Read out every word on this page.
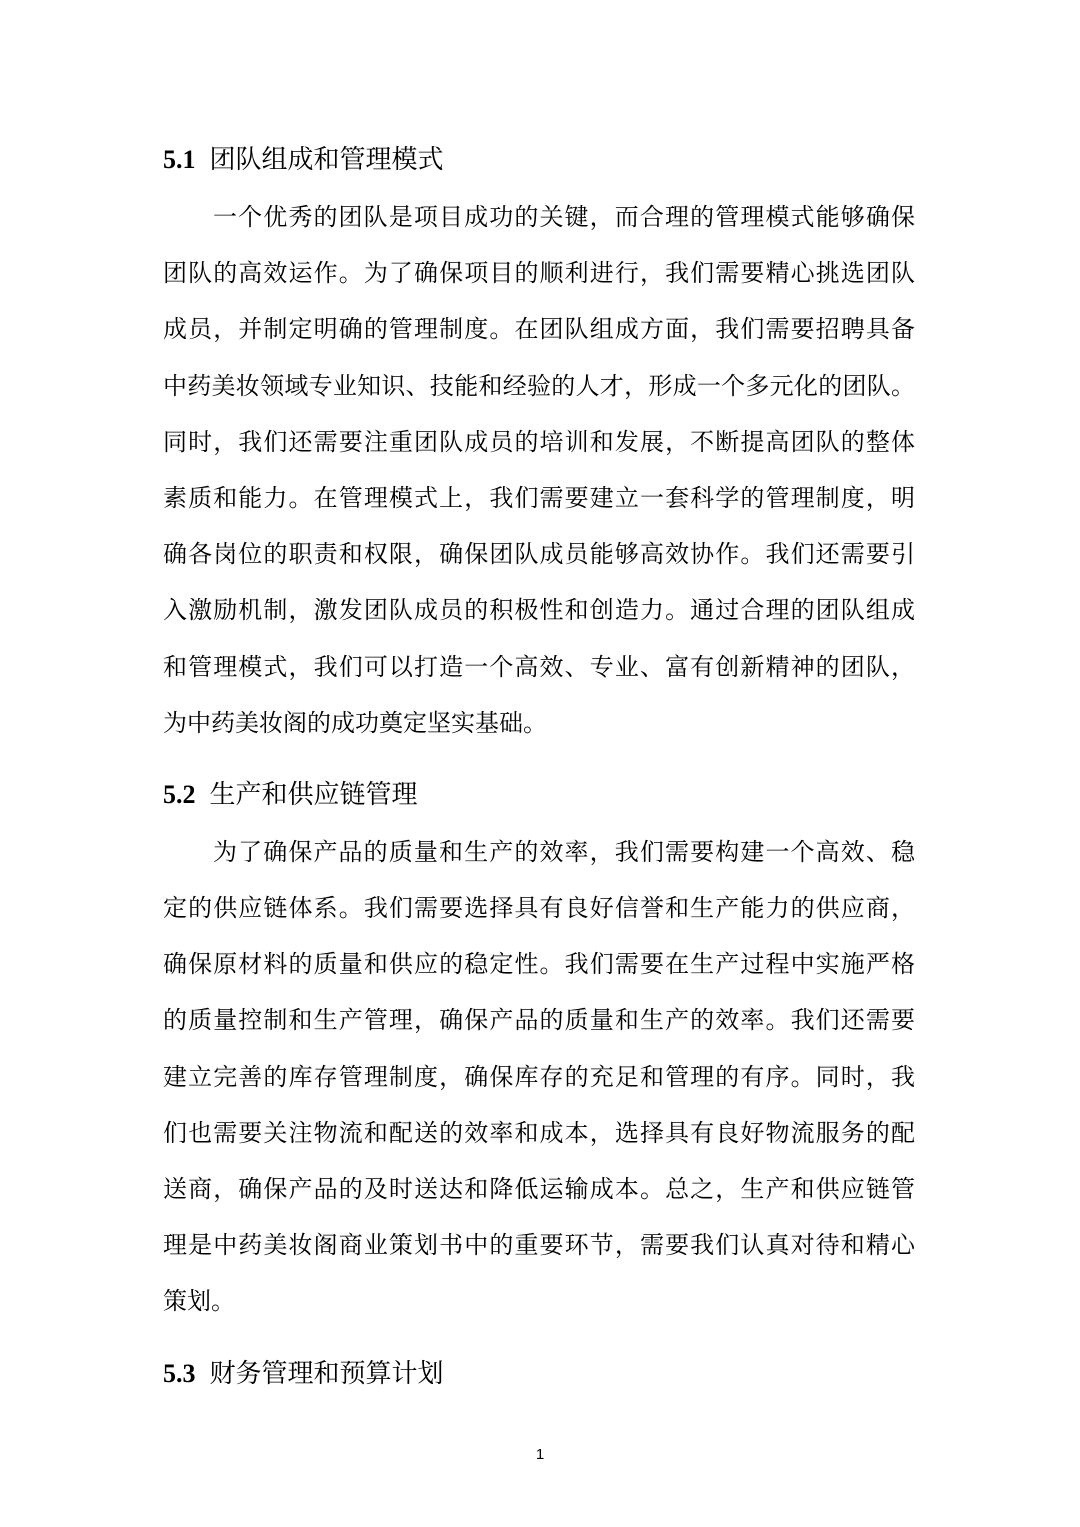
5.1 团队组成和管理模式
一个优秀的团队是项目成功的关键，而合理的管理模式能够确保
团队的高效运作。为了确保项目的顺利进行，我们需要精心挑选团队
成员，并制定明确的管理制度。在团队组成方面，我们需要招聘具备
中药美妆领域专业知识、技能和经验的人才，形成一个多元化的团队。
同时，我们还需要注重团队成员的培训和发展，不断提高团队的整体
素质和能力。在管理模式上，我们需要建立一套科学的管理制度，明
确各岗位的职责和权限，确保团队成员能够高效协作。我们还需要引
入激励机制，激发团队成员的积极性和创造力。通过合理的团队组成
和管理模式，我们可以打造一个高效、专业、富有创新精神的团队，
为中药美妆阁的成功奠定坚实基础。
5.2 生产和供应链管理
为了确保产品的质量和生产的效率，我们需要构建一个高效、稳
定的供应链体系。我们需要选择具有良好信誉和生产能力的供应商，
确保原材料的质量和供应的稳定性。我们需要在生产过程中实施严格
的质量控制和生产管理，确保产品的质量和生产的效率。我们还需要
建立完善的库存管理制度，确保库存的充足和管理的有序。同时，我
们也需要关注物流和配送的效率和成本，选择具有良好物流服务的配
送商，确保产品的及时送达和降低运输成本。总之，生产和供应链管
理是中药美妆阁商业策划书中的重要环节，需要我们认真对待和精心
策划。
5.3 财务管理和预算计划
1
